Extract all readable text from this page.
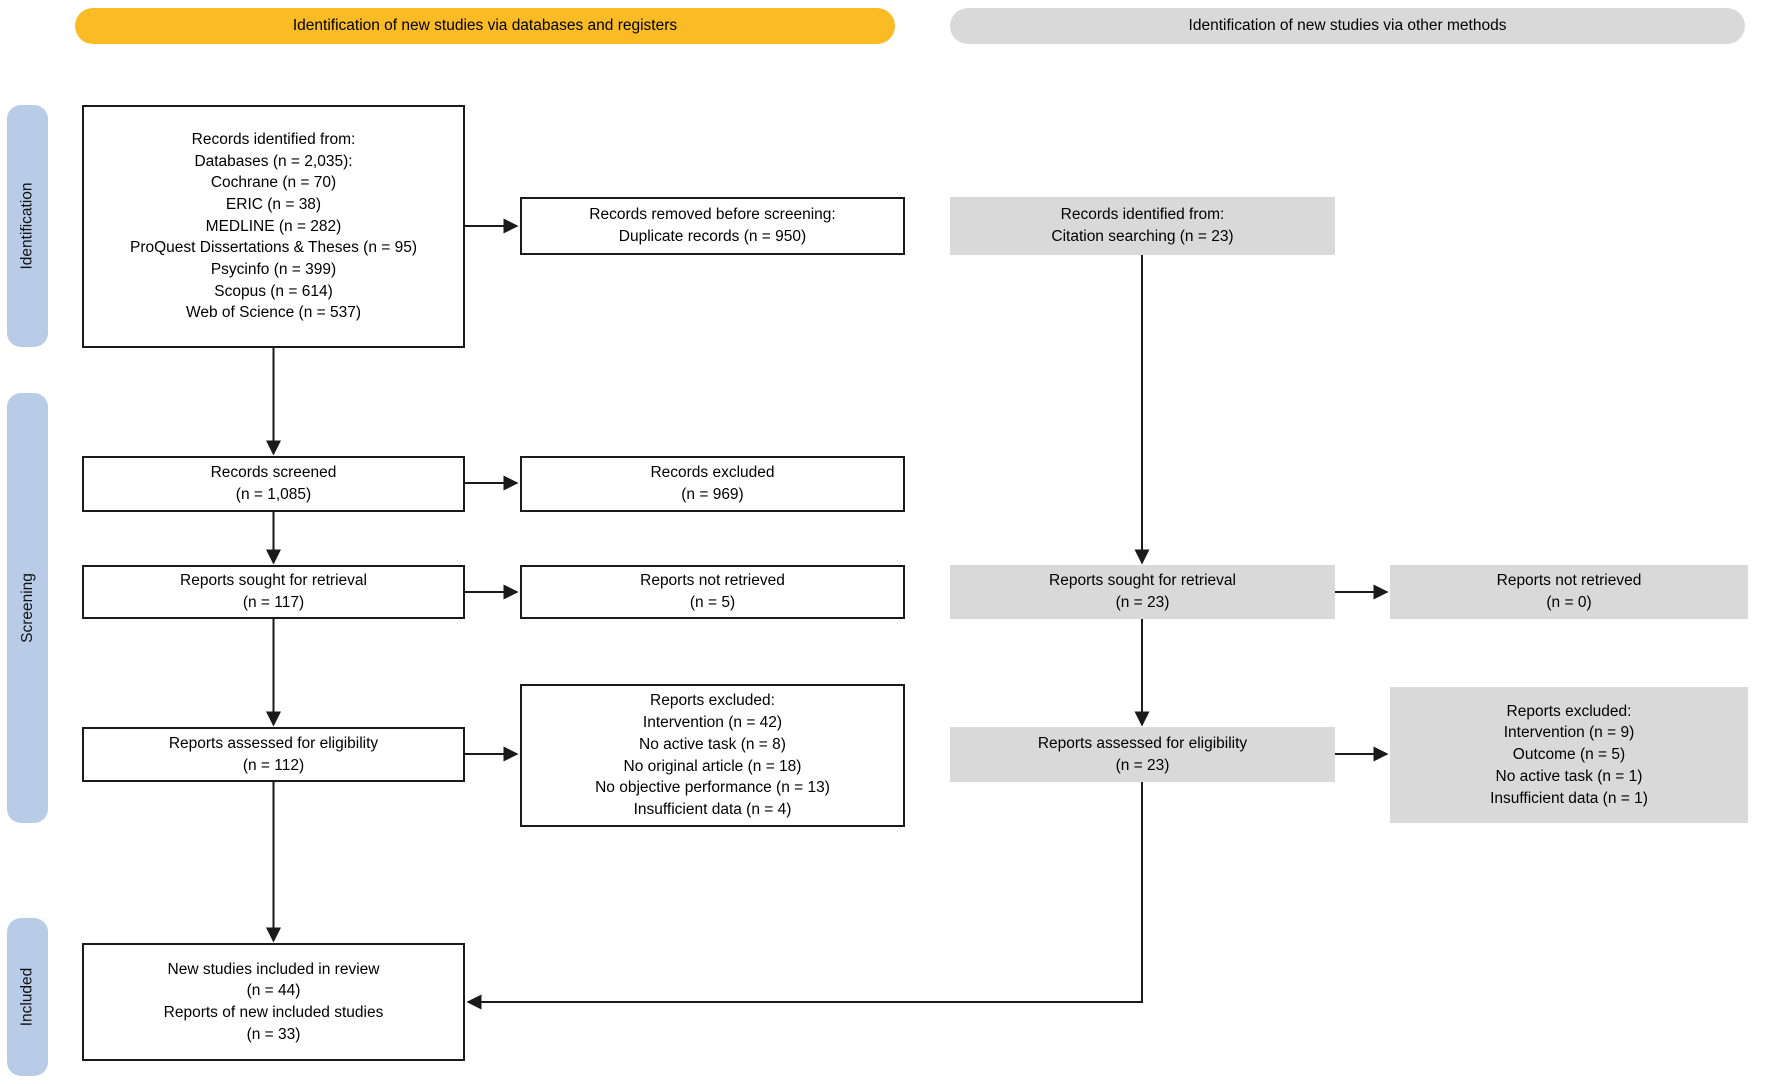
Identification of new studies via databases and registers	Identification of new studies via other methods
Identification
Screening
Included
Records identified from:
Databases (n = 2,035):
Cochrane (n = 70)
ERIC (n = 38)
MEDLINE (n = 282)
ProQuest Dissertations & Theses (n = 95)
Psycinfo (n = 399)
Scopus (n = 614)
Web of Science (n = 537)
Records screened
(n = 1,085)
Reports sought for retrieval
(n = 117)
Reports assessed for eligibility
(n = 112)
New studies included in review
(n = 44)
Reports of new included studies
(n = 33)
Records removed before screening:
Duplicate records (n = 950)
Records excluded
(n = 969)
Reports not retrieved
(n = 5)
Reports excluded:
Intervention (n = 42)
No active task (n = 8)
No original article (n = 18)
No objective performance (n = 13)
Insufficient data (n = 4)
Records identified from:
Citation searching (n = 23)
Reports sought for retrieval
(n = 23)
Reports assessed for eligibility
(n = 23)
Reports not retrieved
(n = 0)
Reports excluded:
Intervention (n = 9)
Outcome (n = 5)
No active task (n = 1)
Insufficient data (n = 1)
